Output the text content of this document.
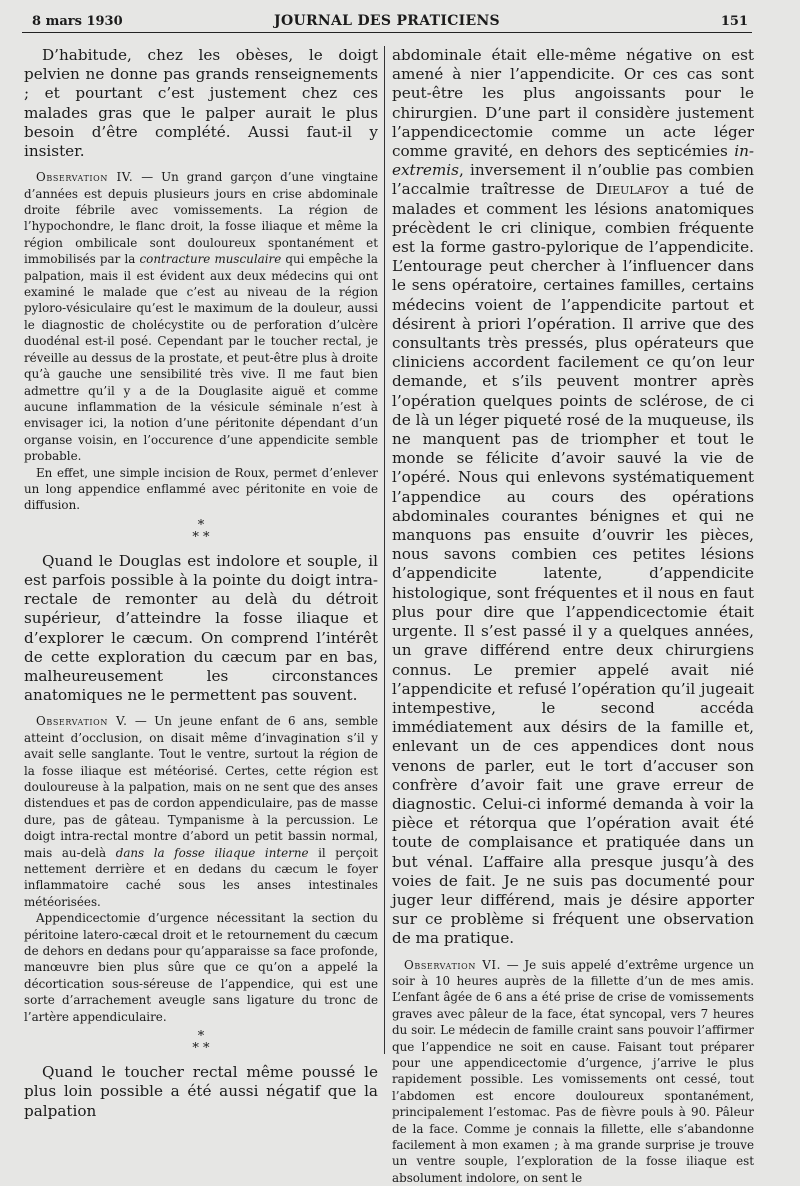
8 mars 1930	JOURNAL DES PRATICIENS	151

D’habitude, chez les obèses, le doigt pelvien ne donne pas grands renseignements ; et pourtant c’est justement chez ces malades gras que le palper aurait le plus besoin d’être complété. Aussi faut-il y insister.

Observation IV. — Un grand garçon d’une vingtaine d’années est depuis plusieurs jours en crise abdominale droite fébrile avec vomissements. La région de l’hypochondre, le flanc droit, la fosse iliaque et même la région ombilicale sont douloureux spontanément et immobilisés par la contracture musculaire qui empêche la palpation, mais il est évident aux deux médecins qui ont examiné le malade que c’est au niveau de la région pyloro-vésiculaire qu’est le maximum de la douleur, aussi le diagnostic de cholécystite ou de perforation d’ulcère duodénal est-il posé. Cependant par le toucher rectal, je réveille au dessus de la prostate, et peut-être plus à droite qu’à gauche une sensibilité très vive. Il me faut bien admettre qu’il y a de la Douglasite aiguë et comme aucune inflammation de la vésicule séminale n’est à envisager ici, la notion d’une péritonite dépendant d’un organse voisin, en l’occurence d’une appendicite semble probable.

En effet, une simple incision de Roux, permet d’enlever un long appendice enflammé avec péritonite en voie de diffusion.

*
* *

Quand le Douglas est indolore et souple, il est parfois possible à la pointe du doigt intra-rectale de remonter au delà du détroit supérieur, d’atteindre la fosse iliaque et d’explorer le cæcum. On comprend l’intérêt de cette exploration du cæcum par en bas, malheureusement les circonstances anatomiques ne le permettent pas souvent.

Observation V. — Un jeune enfant de 6 ans, semble atteint d’occlusion, on disait même d’invagination s’il y avait selle sanglante. Tout le ventre, surtout la région de la fosse iliaque est météorisé. Certes, cette région est douloureuse à la palpation, mais on ne sent que des anses distendues et pas de cordon appendiculaire, pas de masse dure, pas de gâteau. Tympanisme à la percussion. Le doigt intra-rectal montre d’abord un petit bassin normal, mais au-delà dans la fosse iliaque interne il perçoit nettement derrière et en dedans du cæcum le foyer inflammatoire caché sous les anses intestinales météorisées.

Appendicectomie d’urgence nécessitant la section du péritoine latero-cæcal droit et le retournement du cæcum de dehors en dedans pour qu’apparaisse sa face profonde, manœuvre bien plus sûre que ce qu’on a appelé la décortication sous-séreuse de l’appendice, qui est une sorte d’arrachement aveugle sans ligature du tronc de l’artère appendiculaire.

*
* *

Quand le toucher rectal même poussé le plus loin possible a été aussi négatif que la palpation

abdominale était elle-même négative on est amené à nier l’appendicite. Or ces cas sont peut-être les plus angoissants pour le chirurgien. D’une part il considère justement l’appendicectomie comme un acte léger comme gravité, en dehors des septicémies in-extremis, inversement il n’oublie pas combien l’accalmie traîtresse de Dieulafoy a tué de malades et comment les lésions anatomiques précèdent le cri clinique, combien fréquente est la forme gastro-pylorique de l’appendicite. L’entourage peut chercher à l’influencer dans le sens opératoire, certaines familles, certains médecins voient de l’appendicite partout et désirent à priori l’opération. Il arrive que des consultants très pressés, plus opérateurs que cliniciens accordent facilement ce qu’on leur demande, et s’ils peuvent montrer après l’opération quelques points de sclérose, de ci de là un léger piqueté rosé de la muqueuse, ils ne manquent pas de triompher et tout le monde se félicite d’avoir sauvé la vie de l’opéré. Nous qui enlevons systématiquement l’appendice au cours des opérations abdominales courantes bénignes et qui ne manquons pas ensuite d’ouvrir les pièces, nous savons combien ces petites lésions d’appendicite latente, d’appendicite histologique, sont fréquentes et il nous en faut plus pour dire que l’appendicectomie était urgente. Il s’est passé il y a quelques années, un grave différend entre deux chirurgiens connus. Le premier appelé avait nié l’appendicite et refusé l’opération qu’il jugeait intempestive, le second accéda immédiatement aux désirs de la famille et, enlevant un de ces appendices dont nous venons de parler, eut le tort d’accuser son confrère d’avoir fait une grave erreur de diagnostic. Celui-ci informé demanda à voir la pièce et rétorqua que l’opération avait été toute de complaisance et pratiquée dans un but vénal. L’affaire alla presque jusqu’à des voies de fait. Je ne suis pas documenté pour juger leur différend, mais je désire apporter sur ce problème si fréquent une observation de ma pratique.

Observation VI. — Je suis appelé d’extrême urgence un soir à 10 heures auprès de la fillette d’un de mes amis. L’enfant âgée de 6 ans a été prise de crise de vomissements graves avec pâleur de la face, état syncopal, vers 7 heures du soir. Le médecin de famille craint sans pouvoir l’affirmer que l’appendice ne soit en cause. Faisant tout préparer pour une appendicectomie d’urgence, j’arrive le plus rapidement possible. Les vomissements ont cessé, tout l’abdomen est encore douloureux spontanément, principalement l’estomac. Pas de fièvre pouls à 90. Pâleur de la face. Comme je connais la fillette, elle s’abandonne facilement à mon examen ; à ma grande surprise je trouve un ventre souple, l’exploration de la fosse iliaque est absolument indolore, on sent le
